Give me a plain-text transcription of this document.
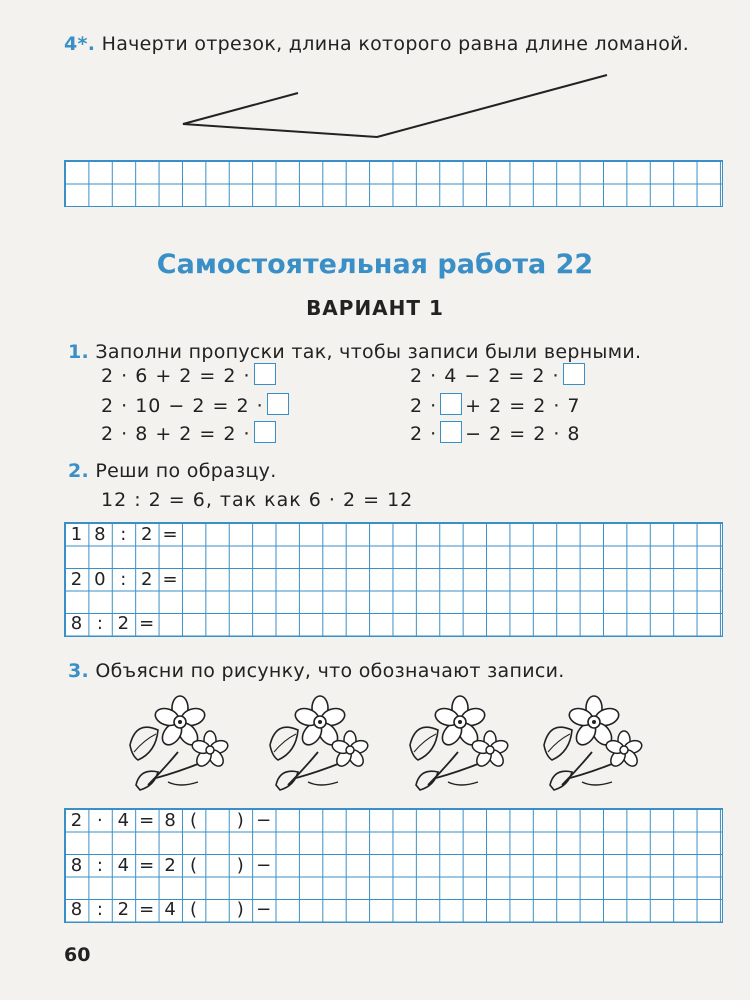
4*. Начерти отрезок, длина которого равна длине ломаной.
Самостоятельная работа 22
ВАРИАНТ 1
1. Заполни пропуски так, чтобы записи были верными.
2 · 6 + 2 = 2 ·
2 · 10 − 2 = 2 ·
2 · 8 + 2 = 2 ·
2 · 4 − 2 = 2 ·
2 · + 2 = 2 · 7
2 · − 2 = 2 · 8
2. Реши по образцу.
12 : 2 = 6, так как 6 · 2 = 12
1 8 : 2 =
2 0 : 2 =
8 : 2 =
3. Объясни по рисунку, что обозначают записи.
2 · 4 = 8 (	) −
8 : 4 = 2 (	) −
8 : 2 = 4 (	) −
60
